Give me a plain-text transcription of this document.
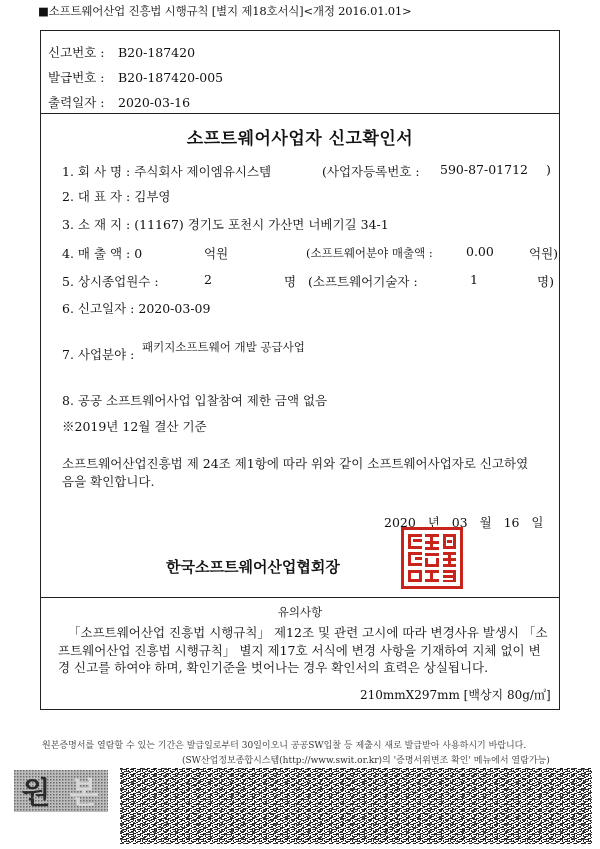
■소프트웨어산업 진흥법 시행규칙 [별지 제18호서식]<개정 2016.01.01>
신고번호 : B20-187420
발급번호 : B20-187420-005
출력일자 : 2020-03-16
소프트웨어사업자 신고확인서
1. 회 사 명 : 주식회사 제이엠유시스템	(사업자등록번호 : 590-87-01712 )
2. 대 표 자 : 김부영
3. 소 재 지 : (11167) 경기도 포천시 가산면 너베기길 34-1
4. 매 출 액 : 0	억원	(소프트웨어분야 매출액 :	0.00	억원)
5. 상시종업원수 :	2	명 (소프트웨어기술자 :	1	명)
6. 신고일자 : 2020-03-09
7. 사업분야 : 패키지소프트웨어 개발 공급사업
8. 공공 소프트웨어사업 입찰참여 제한 금액 없음
※2019년 12월 결산 기준
소프트웨어산업진흥법 제 24조 제1항에 따라 위와 같이 소프트웨어사업자로 신고하였
음을 확인합니다.
2020 년 03 월 16 일
한국소프트웨어산업협회장
유의사항
「소프트웨어산업 진흥법 시행규칙」 제12조 및 관련 고시에 따라 변경사유 발생시 「소프트웨어산업 진흥법 시행규칙」 별지 제17호 서식에 변경 사항을 기재하여 지체 없이 변경 신고를 하여야 하며, 확인기준을 벗어나는 경우 확인서의 효력은 상실됩니다.
210mmX297mm [백상지 80g/㎡]
원본증명서를 열람할 수 있는 기간은 발급일로부터 30일이오니 공공SW입찰 등 제출시 새로 발급받아 사용하시기 바랍니다.
(SW산업정보종합시스템(http://www.swit.or.kr)의 '증명서위변조 확인' 메뉴에서 열람가능)
원 본
